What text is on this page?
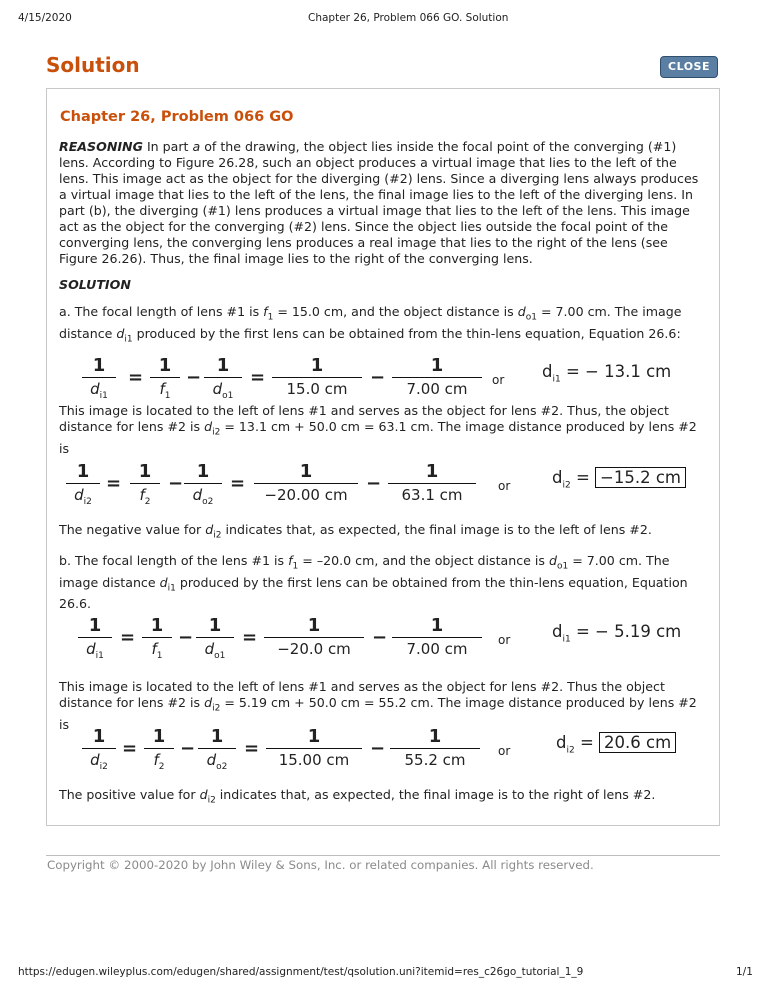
4/15/2020	Chapter 26, Problem 066 GO. Solution
Solution	CLOSE
Chapter 26, Problem 066 GO
REASONING In part a of the drawing, the object lies inside the focal point of the converging (#1) lens. According to Figure 26.28, such an object produces a virtual image that lies to the left of the lens. This image act as the object for the diverging (#2) lens. Since a diverging lens always produces a virtual image that lies to the left of the lens, the final image lies to the left of the diverging lens. In part (b), the diverging (#1) lens produces a virtual image that lies to the left of the lens. This image act as the object for the converging (#2) lens. Since the object lies outside the focal point of the converging lens, the converging lens produces a real image that lies to the right of the lens (see Figure 26.26). Thus, the final image lies to the right of the converging lens.
SOLUTION
a. The focal length of lens #1 is $f_1 = 15.0$ cm, and the object distance is $d_{o1} = 7.00$ cm. The image distance $d_{i1}$ produced by the first lens can be obtained from the thin-lens equation, Equation 26.6:
1
$d_{i1}$
=
1
$f_1$
−
1
$d_{o1}$
=
1
15.0 cm
−
1
7.00 cm	or $d_{i1}$ = − 13.1 cm
This image is located to the left of lens #1 and serves as the object for lens #2. Thus, the object distance for lens #2 is $d_{i2} = 13.1$ cm + 50.0 cm = 63.1 cm. The image distance produced by lens #2 is
1
$d_{i2}$
=
1
$f_2$
−
1
$d_{o2}$
=
1
−20.00 cm
−
1
63.1 cm	or	$d_{i2} = -15.2$ cm
The negative value for $d_{i2}$ indicates that, as expected, the final image is to the left of lens #2.
b. The focal length of the lens #1 is $f_1 = -20.0$ cm, and the object distance is $d_{o1} = 7.00$ cm. The image distance $d_{i1}$ produced by the first lens can be obtained from the thin-lens equation, Equation 26.6.
1
$d_{i1}$
=
1
$f_1$
−
1
$d_{o1}$
=
1
−20.0 cm
−
1
7.00 cm	or	$d_{i1}$ = − 5.19 cm
This image is located to the left of lens #1 and serves as the object for lens #2. Thus the object distance for lens #2 is $d_{i2} = 5.19$ cm + 50.0 cm = 55.2 cm. The image distance produced by lens #2 is
1
$d_{i2}$
=
1
$f_2$
−
1
$d_{o2}$
=
1
15.00 cm
−
1
55.2 cm	or	$d_{i2} = 20.6$ cm
The positive value for $d_{i2}$ indicates that, as expected, the final image is to the right of lens #2.
Copyright © 2000-2020 by John Wiley & Sons, Inc. or related companies. All rights reserved.
https://edugen.wileyplus.com/edugen/shared/assignment/test/qsolution.uni?itemid=res_c26go_tutorial_1_9	1/1
